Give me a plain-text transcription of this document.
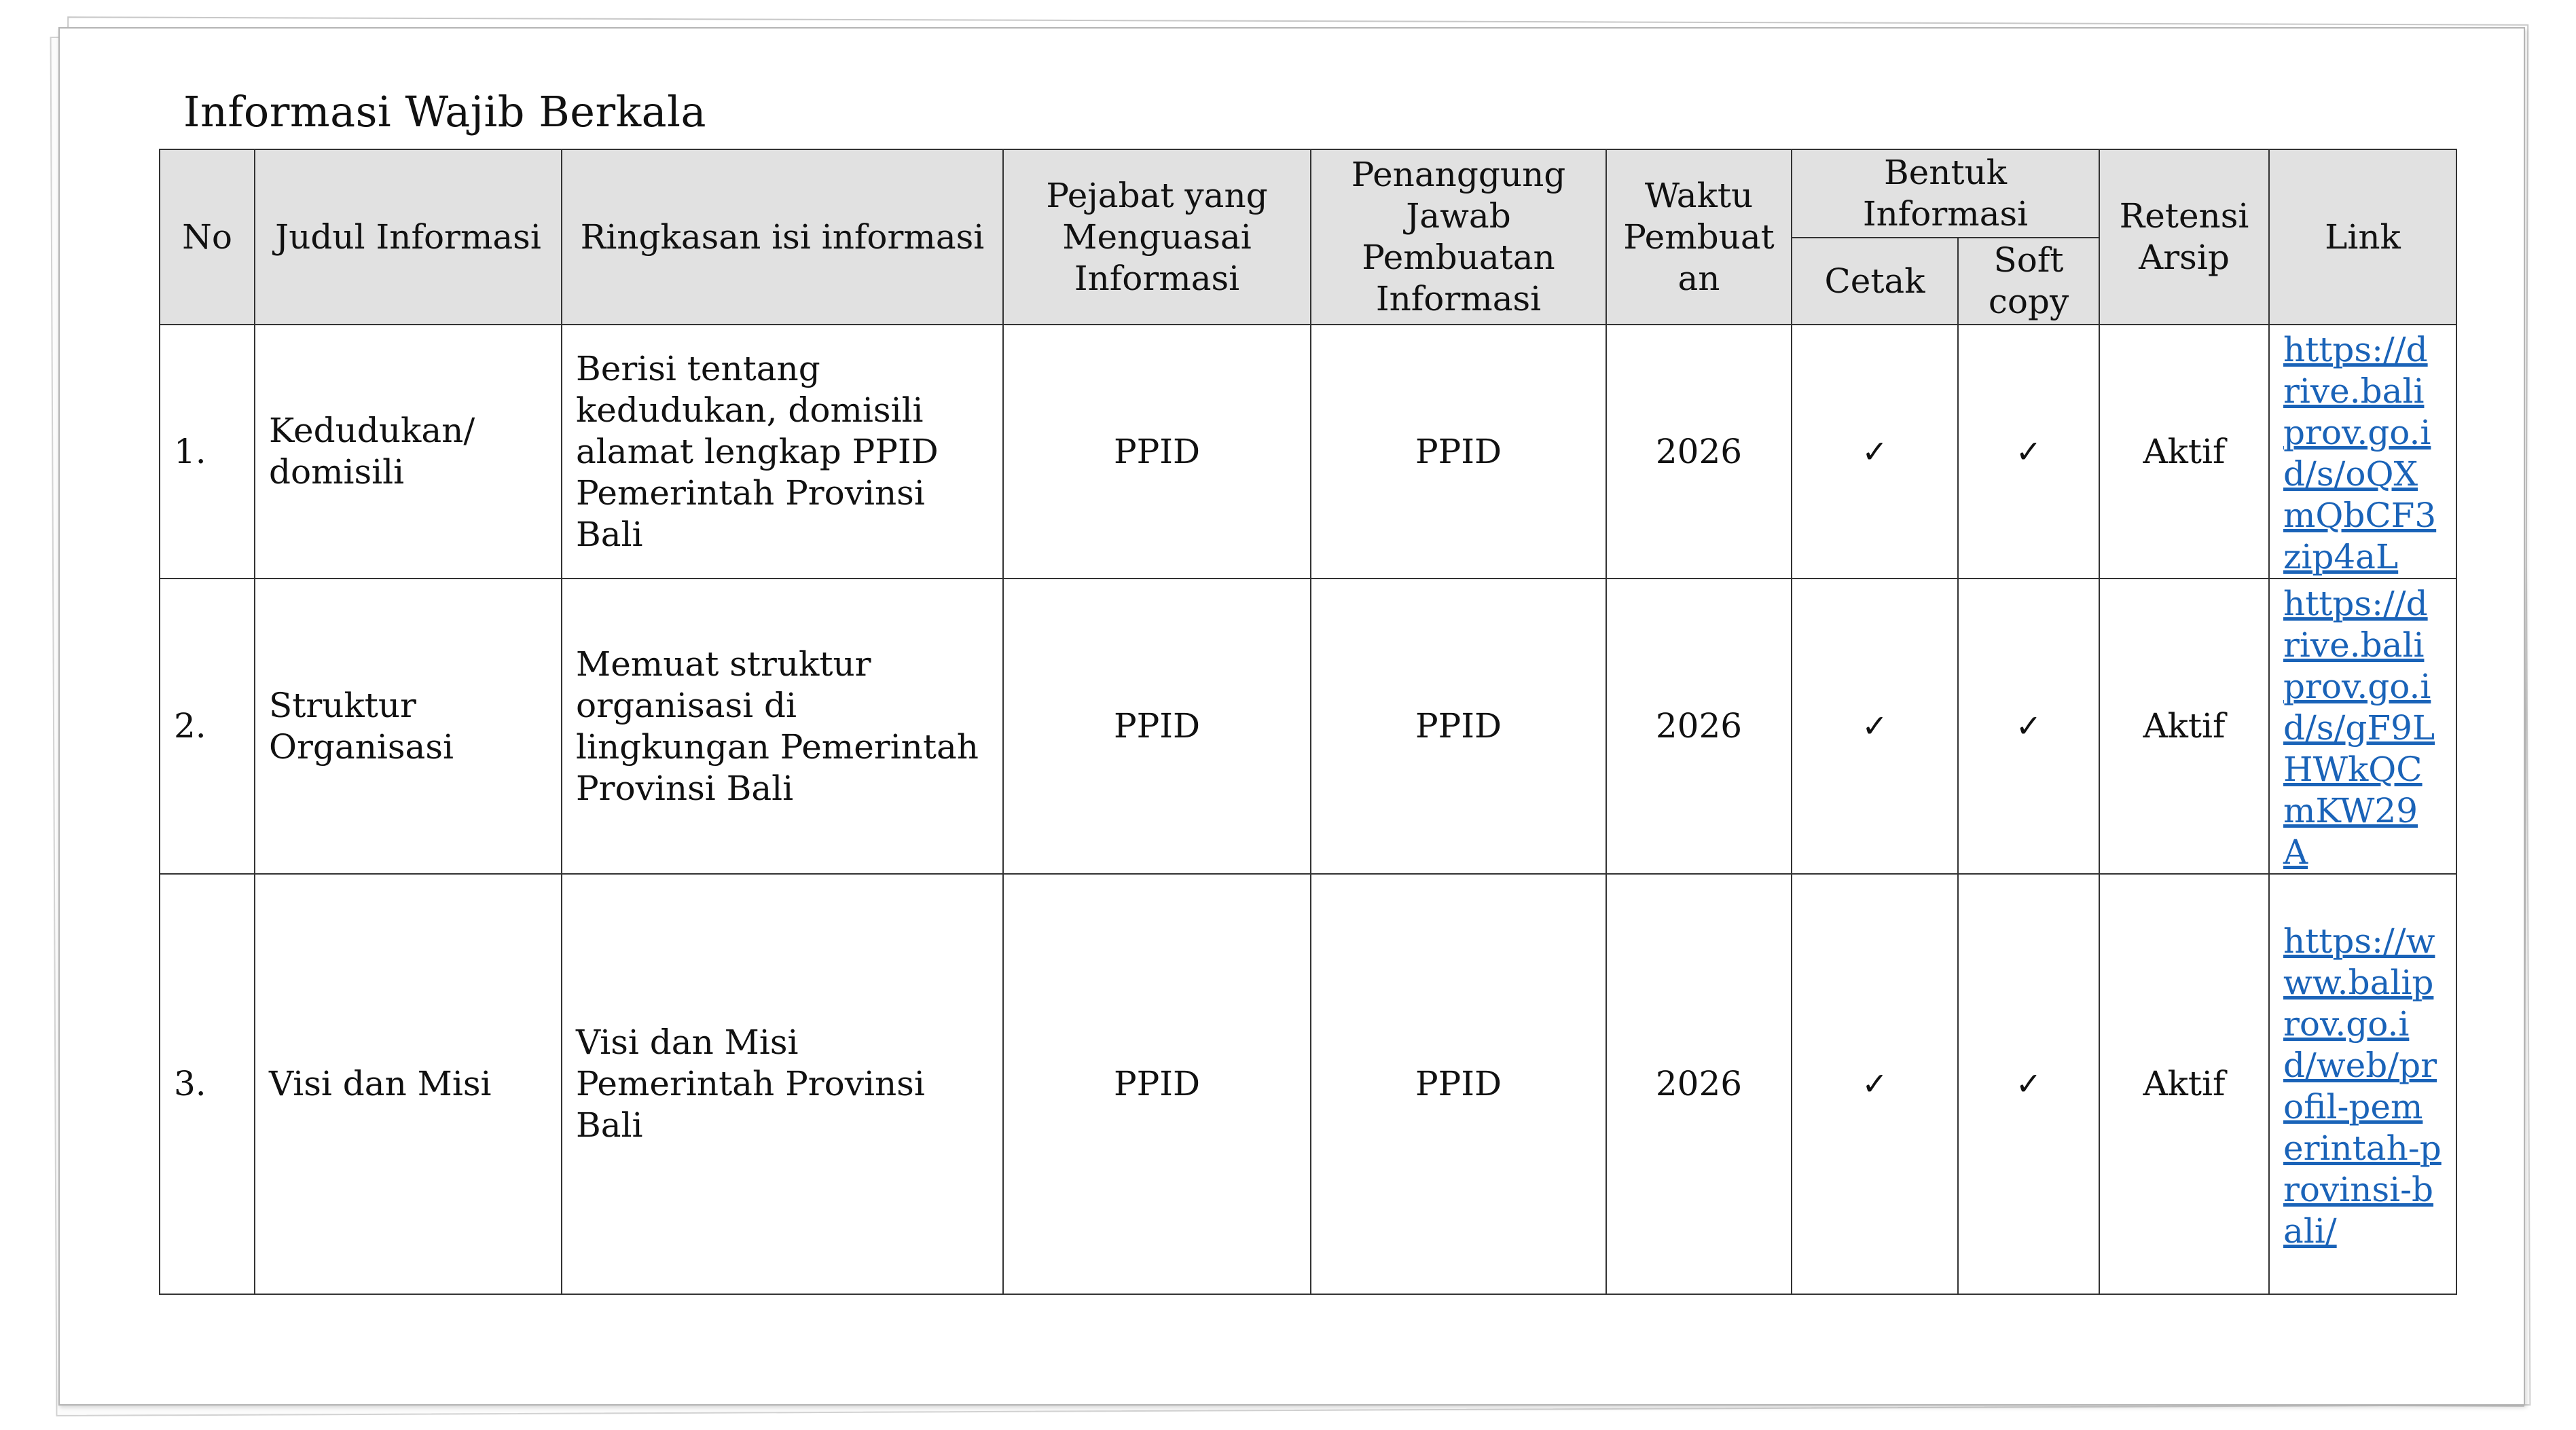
Informasi Wajib Berkala
No	Judul Informasi	Ringkasan isi informasi	Pejabat yang Menguasai Informasi	Penanggung Jawab Pembuatan Informasi	Waktu Pembuat an	Bentuk Informasi		Retensi Arsip	Link
						Cetak	Soft copy		
1.	Kedudukan/ domisili	Berisi tentang kedudukan, domisili alamat lengkap PPID Pemerintah Provinsi Bali	PPID	PPID	2026	✓	✓	Aktif	https://drive.baliprov.go.id/s/oQXmQbCF3zip4aL

2.	Struktur Organisasi	Memuat struktur organisasi di lingkungan Pemerintah Provinsi Bali	PPID	PPID	2026	✓	✓	Aktif	https://drive.baliprov.go.id/s/gF9LHWkQCmKW29A

3.	Visi dan Misi	Visi dan Misi Pemerintah Provinsi Bali	PPID	PPID	2026	✓	✓	Aktif	https://www.baliprov.go.id/web/profil-pemerintah-provinsi-bali/
